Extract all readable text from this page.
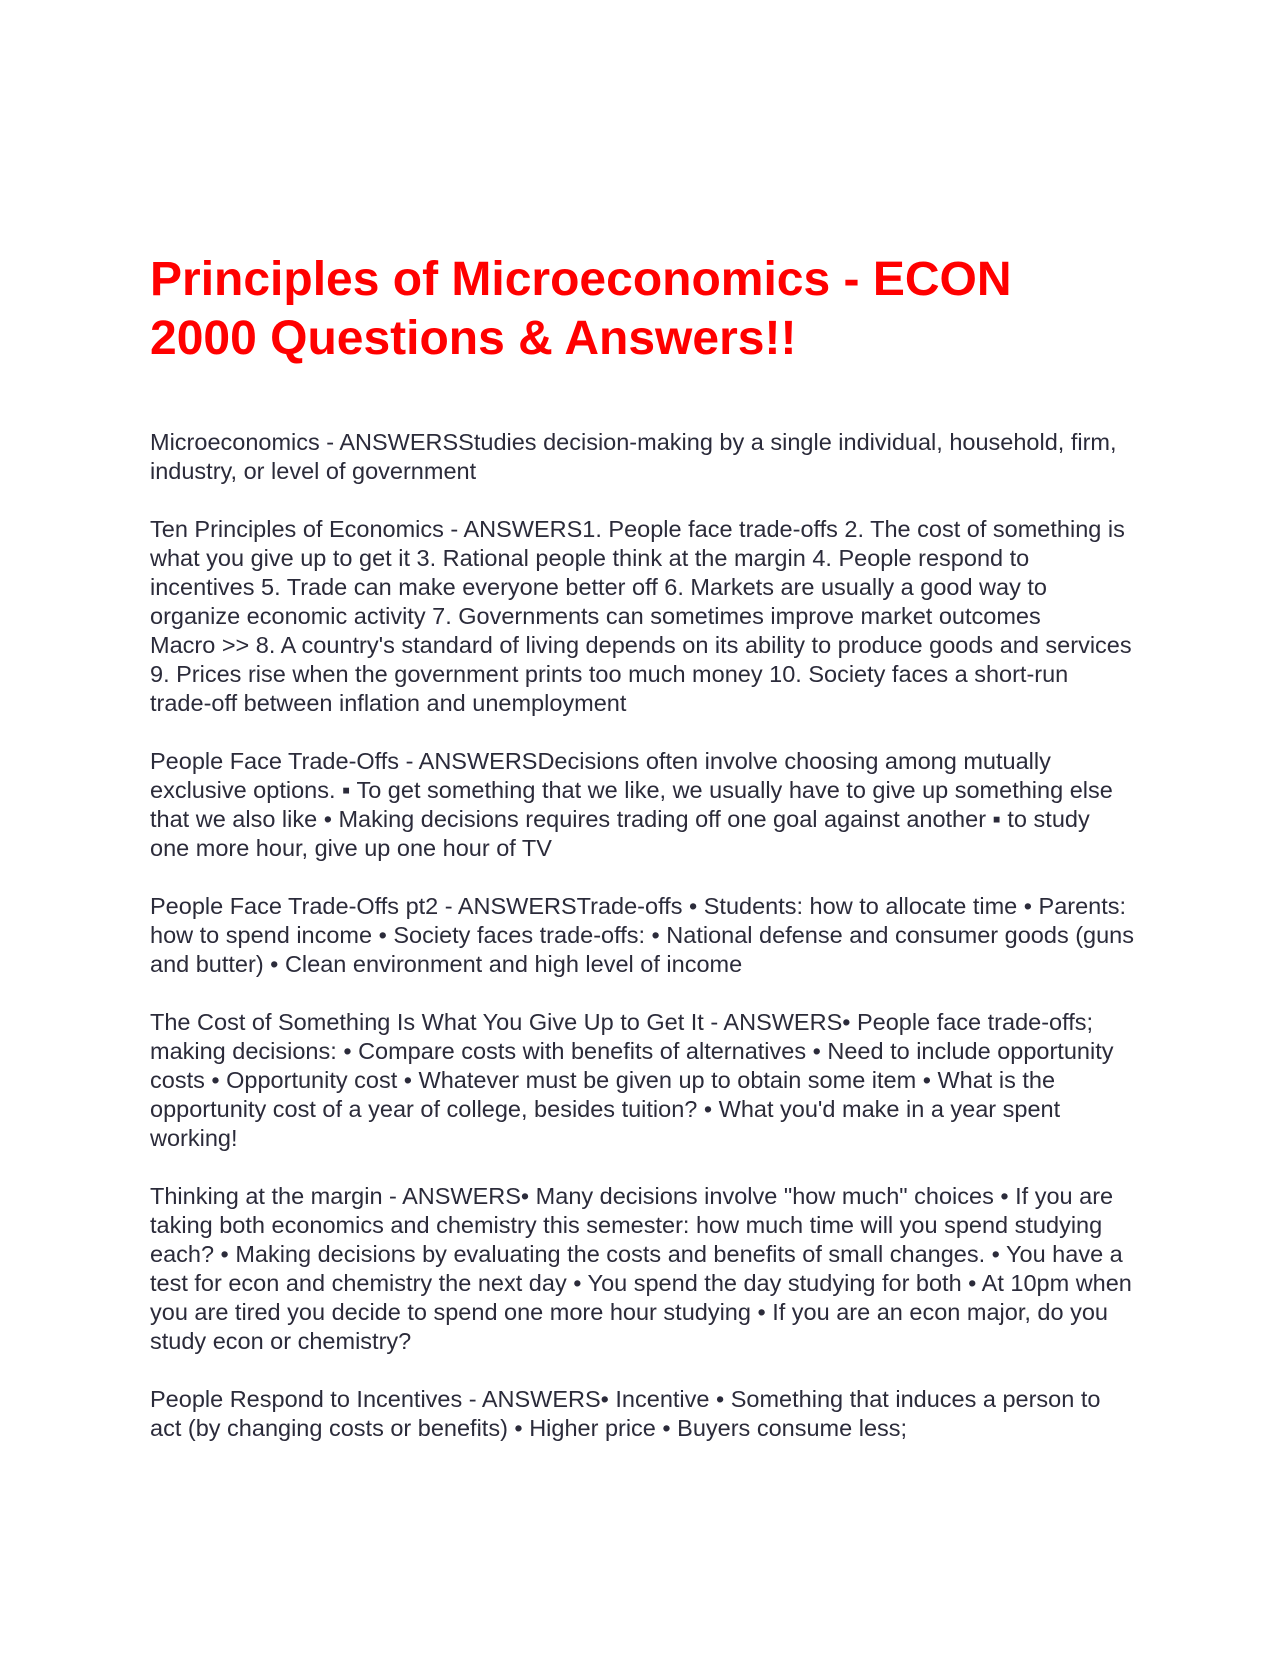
Principles of Microeconomics - ECON
2000 Questions & Answers!!

Microeconomics - ANSWERSStudies decision-making by a single individual, household, firm, industry, or level of government

Ten Principles of Economics - ANSWERS1. People face trade-offs 2. The cost of something is what you give up to get it 3. Rational people think at the margin 4. People respond to incentives 5. Trade can make everyone better off 6. Markets are usually a good way to organize economic activity 7. Governments can sometimes improve market outcomes
Macro >> 8. A country's standard of living depends on its ability to produce goods and services 9. Prices rise when the government prints too much money 10. Society faces a short-run trade-off between inflation and unemployment

People Face Trade-Offs - ANSWERSDecisions often involve choosing among mutually exclusive options. ▪ To get something that we like, we usually have to give up something else that we also like • Making decisions requires trading off one goal against another ▪ to study one more hour, give up one hour of TV

People Face Trade-Offs pt2 - ANSWERSTrade-offs • Students: how to allocate time • Parents: how to spend income • Society faces trade-offs: • National defense and consumer goods (guns and butter) • Clean environment and high level of income

The Cost of Something Is What You Give Up to Get It - ANSWERS• People face trade-offs; making decisions: • Compare costs with benefits of alternatives • Need to include opportunity costs • Opportunity cost • Whatever must be given up to obtain some item • What is the opportunity cost of a year of college, besides tuition? • What you'd make in a year spent working!

Thinking at the margin - ANSWERS• Many decisions involve "how much" choices • If you are taking both economics and chemistry this semester: how much time will you spend studying each? • Making decisions by evaluating the costs and benefits of small changes. • You have a test for econ and chemistry the next day • You spend the day studying for both • At 10pm when you are tired you decide to spend one more hour studying • If you are an econ major, do you study econ or chemistry?

People Respond to Incentives - ANSWERS• Incentive • Something that induces a person to act (by changing costs or benefits) • Higher price • Buyers consume less;
